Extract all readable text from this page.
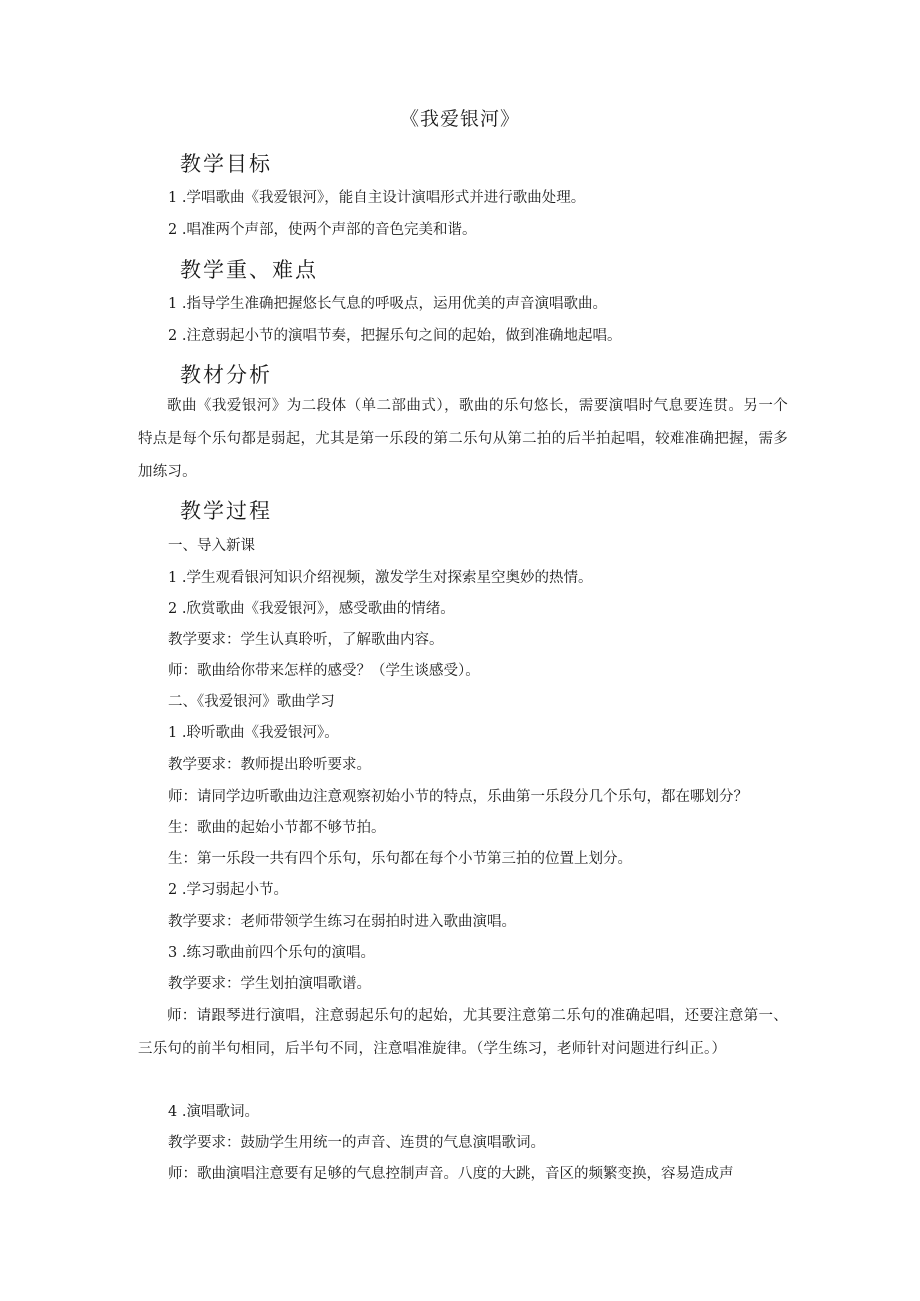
《我爱银河》
教学目标
1 .学唱歌曲《我爱银河》，能自主设计演唱形式并进行歌曲处理。
2 .唱准两个声部，使两个声部的音色完美和谐。
教学重、难点
1 .指导学生准确把握悠长气息的呼吸点，运用优美的声音演唱歌曲。
2 .注意弱起小节的演唱节奏，把握乐句之间的起始，做到准确地起唱。
教材分析
歌曲《我爱银河》为二段体（单二部曲式），歌曲的乐句悠长，需要演唱时气息要连贯。另一个特点是每个乐句都是弱起，尤其是第一乐段的第二乐句从第二拍的后半拍起唱，较难准确把握，需多加练习。
教学过程
一、导入新课
1 .学生观看银河知识介绍视频，激发学生对探索星空奥妙的热情。
2 .欣赏歌曲《我爱银河》，感受歌曲的情绪。
教学要求：学生认真聆听，了解歌曲内容。
师：歌曲给你带来怎样的感受？（学生谈感受）。
二、《我爱银河》歌曲学习
1 .聆听歌曲《我爱银河》。
教学要求：教师提出聆听要求。
师：请同学边听歌曲边注意观察初始小节的特点，乐曲第一乐段分几个乐句，都在哪划分？
生：歌曲的起始小节都不够节拍。
生：第一乐段一共有四个乐句，乐句都在每个小节第三拍的位置上划分。
2 .学习弱起小节。
教学要求：老师带领学生练习在弱拍时进入歌曲演唱。
3 .练习歌曲前四个乐句的演唱。
教学要求：学生划拍演唱歌谱。
师：请跟琴进行演唱，注意弱起乐句的起始，尤其要注意第二乐句的准确起唱，还要注意第一、三乐句的前半句相同，后半句不同，注意唱准旋律。（学生练习，老师针对问题进行纠正。）
4 .演唱歌词。
教学要求：鼓励学生用统一的声音、连贯的气息演唱歌词。
师：歌曲演唱注意要有足够的气息控制声音。八度的大跳，音区的频繁变换，容易造成声
